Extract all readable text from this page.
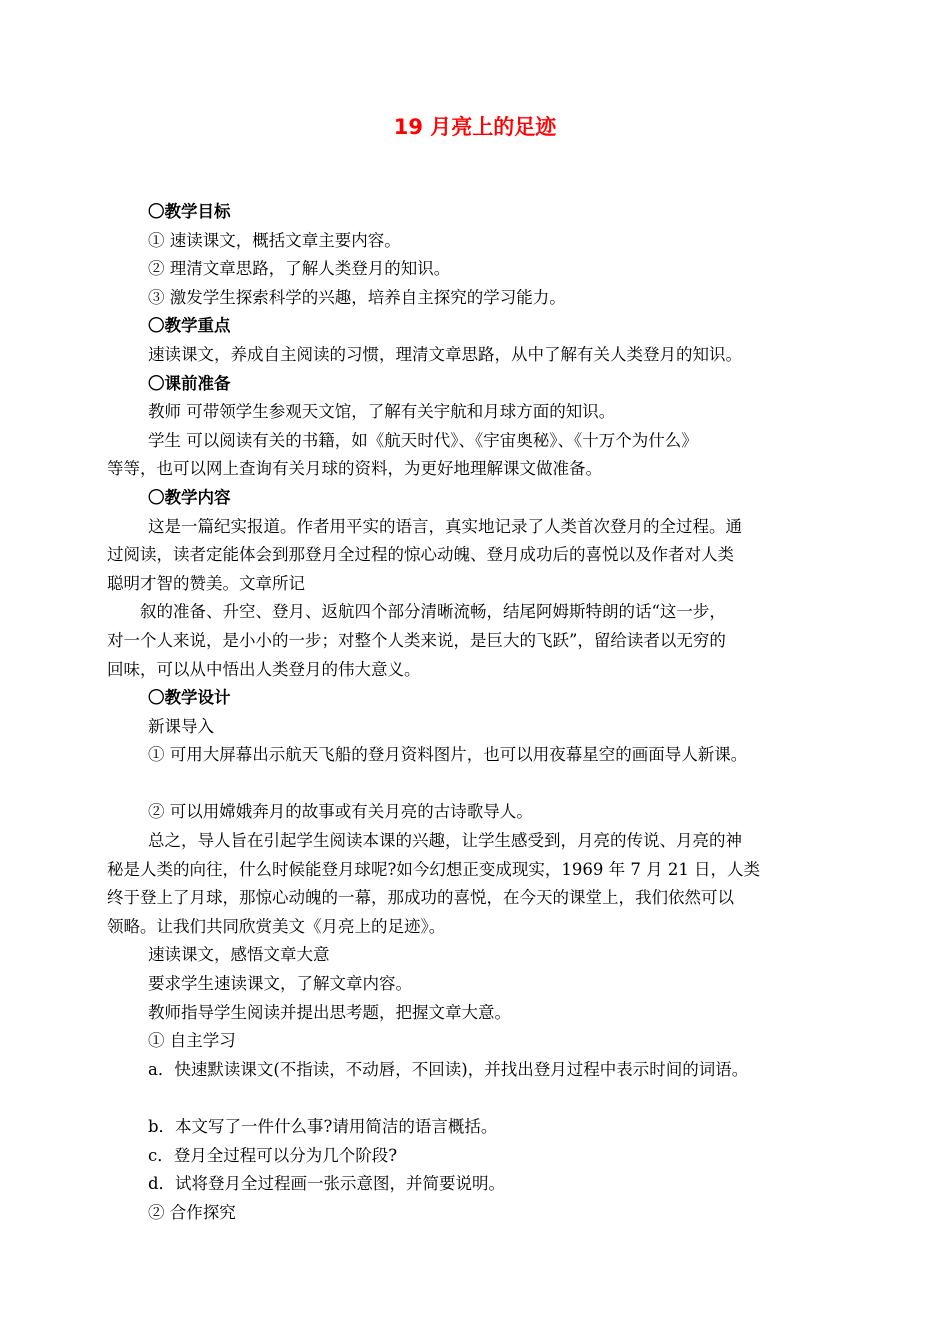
19 月亮上的足迹
〇教学目标
① 速读课文，概括文章主要内容。
② 理清文章思路，了解人类登月的知识。
③ 激发学生探索科学的兴趣，培养自主探究的学习能力。
〇教学重点
速读课文，养成自主阅读的习惯，理清文章思路，从中了解有关人类登月的知识。
〇课前准备
教师 可带领学生参观天文馆，了解有关宇航和月球方面的知识。
学生 可以阅读有关的书籍，如《航天时代》、《宇宙奥秘》、《十万个为什么》
等等，也可以网上查询有关月球的资料，为更好地理解课文做准备。
〇教学内容
这是一篇纪实报道。作者用平实的语言，真实地记录了人类首次登月的全过程。通
过阅读，读者定能体会到那登月全过程的惊心动魄、登月成功后的喜悦以及作者对人类
聪明才智的赞美。文章所记
叙的准备、升空、登月、返航四个部分清晰流畅，结尾阿姆斯特朗的话“这一步，
对一个人来说，是小小的一步；对整个人类来说，是巨大的飞跃”，留给读者以无穷的
回味，可以从中悟出人类登月的伟大意义。
〇教学设计
新课导入
① 可用大屏幕出示航天飞船的登月资料图片，也可以用夜幕星空的画面导人新课。
② 可以用嫦娥奔月的故事或有关月亮的古诗歌导人。
总之，导人旨在引起学生阅读本课的兴趣，让学生感受到，月亮的传说、月亮的神
秘是人类的向往，什么时候能登月球呢?如今幻想正变成现实，1969 年 7 月 21 日，人类
终于登上了月球，那惊心动魄的一幕，那成功的喜悦，在今天的课堂上，我们依然可以
领略。让我们共同欣赏美文《月亮上的足迹》。
速读课文，感悟文章大意
要求学生速读课文，了解文章内容。
教师指导学生阅读并提出思考题，把握文章大意。
① 自主学习
a．快速默读课文(不指读，不动唇，不回读)，并找出登月过程中表示时间的词语。
b．本文写了一件什么事?请用简洁的语言概括。
c．登月全过程可以分为几个阶段?
d．试将登月全过程画一张示意图，并简要说明。
② 合作探究
